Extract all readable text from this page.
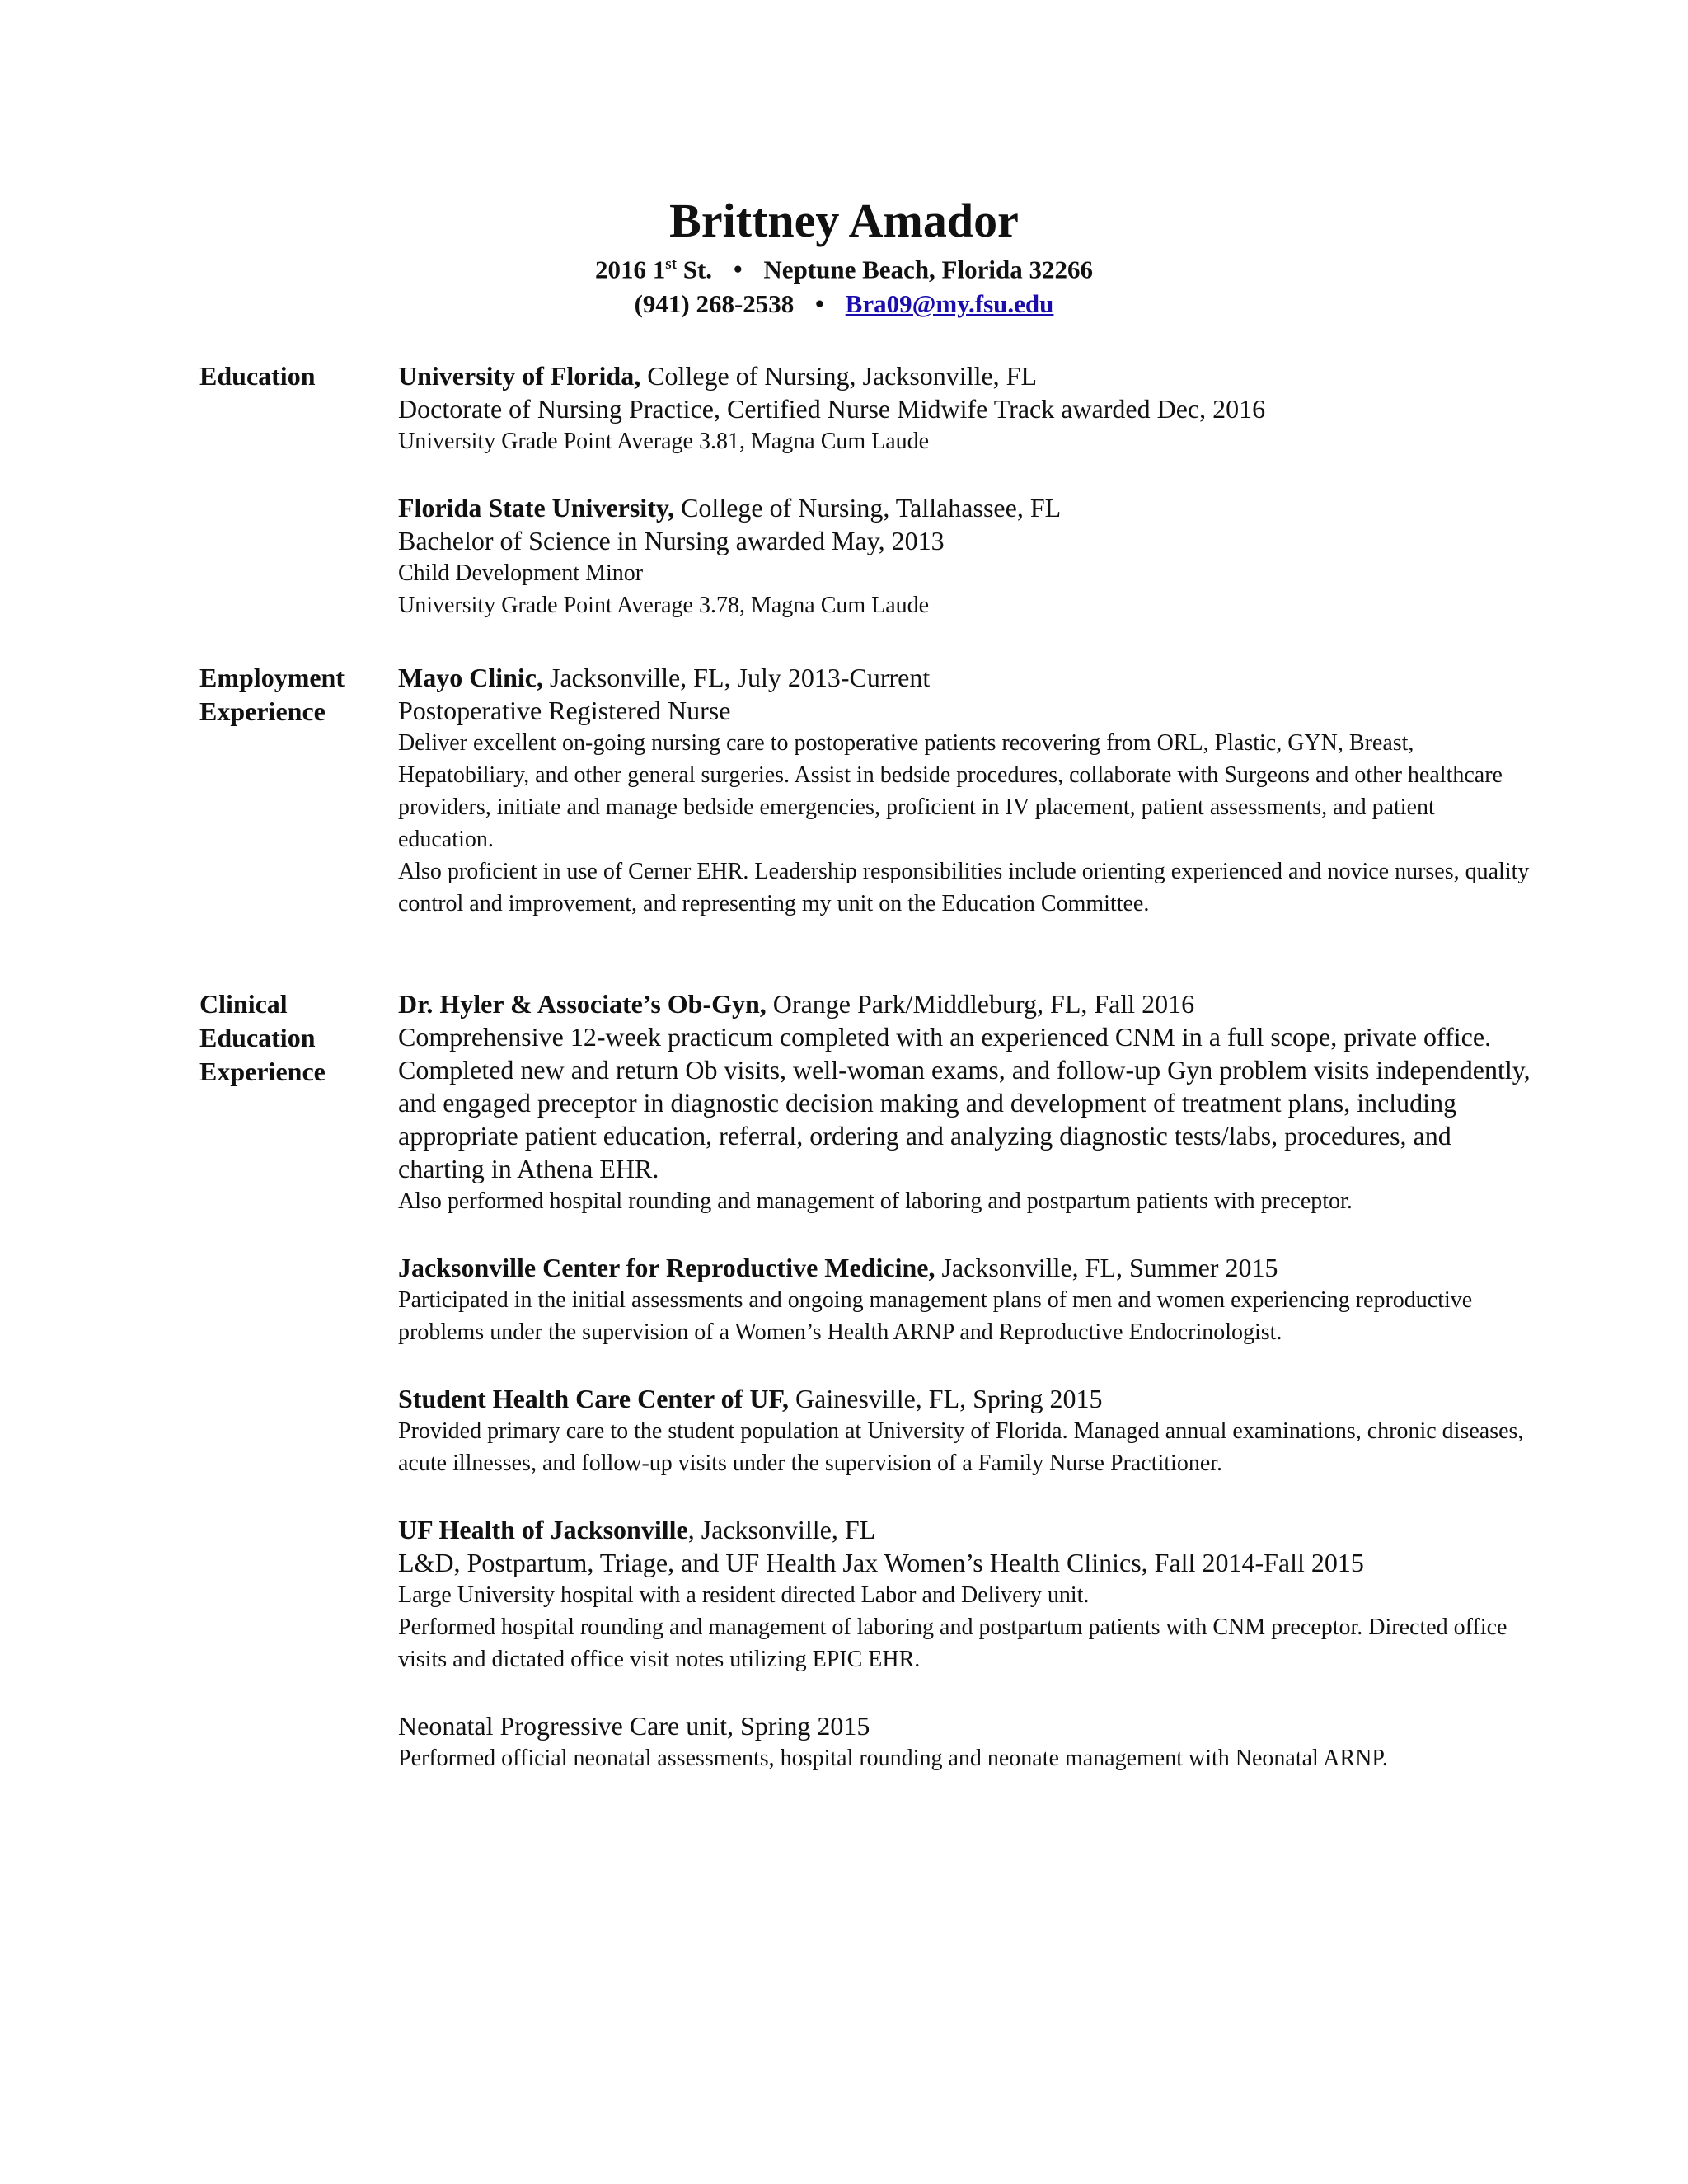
Brittney Amador
2016 1st St. • Neptune Beach, Florida 32266
(941) 268-2538 • Bra09@my.fsu.edu
Education	University of Florida, College of Nursing, Jacksonville, FL
Doctorate of Nursing Practice, Certified Nurse Midwife Track awarded Dec, 2016
University Grade Point Average 3.81, Magna Cum Laude
Florida State University, College of Nursing, Tallahassee, FL
Bachelor of Science in Nursing awarded May, 2013
Child Development Minor
University Grade Point Average 3.78, Magna Cum Laude
Employment
Experience
Mayo Clinic, Jacksonville, FL, July 2013-Current
Postoperative Registered Nurse
Deliver excellent on-going nursing care to postoperative patients recovering from ORL, Plastic, GYN, Breast, Hepatobiliary, and other general surgeries. Assist in bedside procedures, collaborate with Surgeons and other healthcare providers, initiate and manage bedside emergencies, proficient in IV placement, patient assessments, and patient education.
Also proficient in use of Cerner EHR. Leadership responsibilities include orienting experienced and novice nurses, quality control and improvement, and representing my unit on the Education Committee.
Clinical
Education
Experience
Dr. Hyler & Associate’s Ob-Gyn, Orange Park/Middleburg, FL, Fall 2016
Comprehensive 12-week practicum completed with an experienced CNM in a full scope, private office. Completed new and return Ob visits, well-woman exams, and follow-up Gyn problem visits independently, and engaged preceptor in diagnostic decision making and development of treatment plans, including appropriate patient education, referral, ordering and analyzing diagnostic tests/labs, procedures, and charting in Athena EHR.
Also performed hospital rounding and management of laboring and postpartum patients with preceptor.
Jacksonville Center for Reproductive Medicine, Jacksonville, FL, Summer 2015
Participated in the initial assessments and ongoing management plans of men and women experiencing reproductive problems under the supervision of a Women’s Health ARNP and Reproductive Endocrinologist.
Student Health Care Center of UF, Gainesville, FL, Spring 2015
Provided primary care to the student population at University of Florida. Managed annual examinations, chronic diseases, acute illnesses, and follow-up visits under the supervision of a Family Nurse Practitioner.
UF Health of Jacksonville, Jacksonville, FL
L&D, Postpartum, Triage, and UF Health Jax Women’s Health Clinics, Fall 2014-Fall 2015
Large University hospital with a resident directed Labor and Delivery unit.
Performed hospital rounding and management of laboring and postpartum patients with CNM preceptor. Directed office visits and dictated office visit notes utilizing EPIC EHR.
Neonatal Progressive Care unit, Spring 2015
Performed official neonatal assessments, hospital rounding and neonate management with Neonatal ARNP.
